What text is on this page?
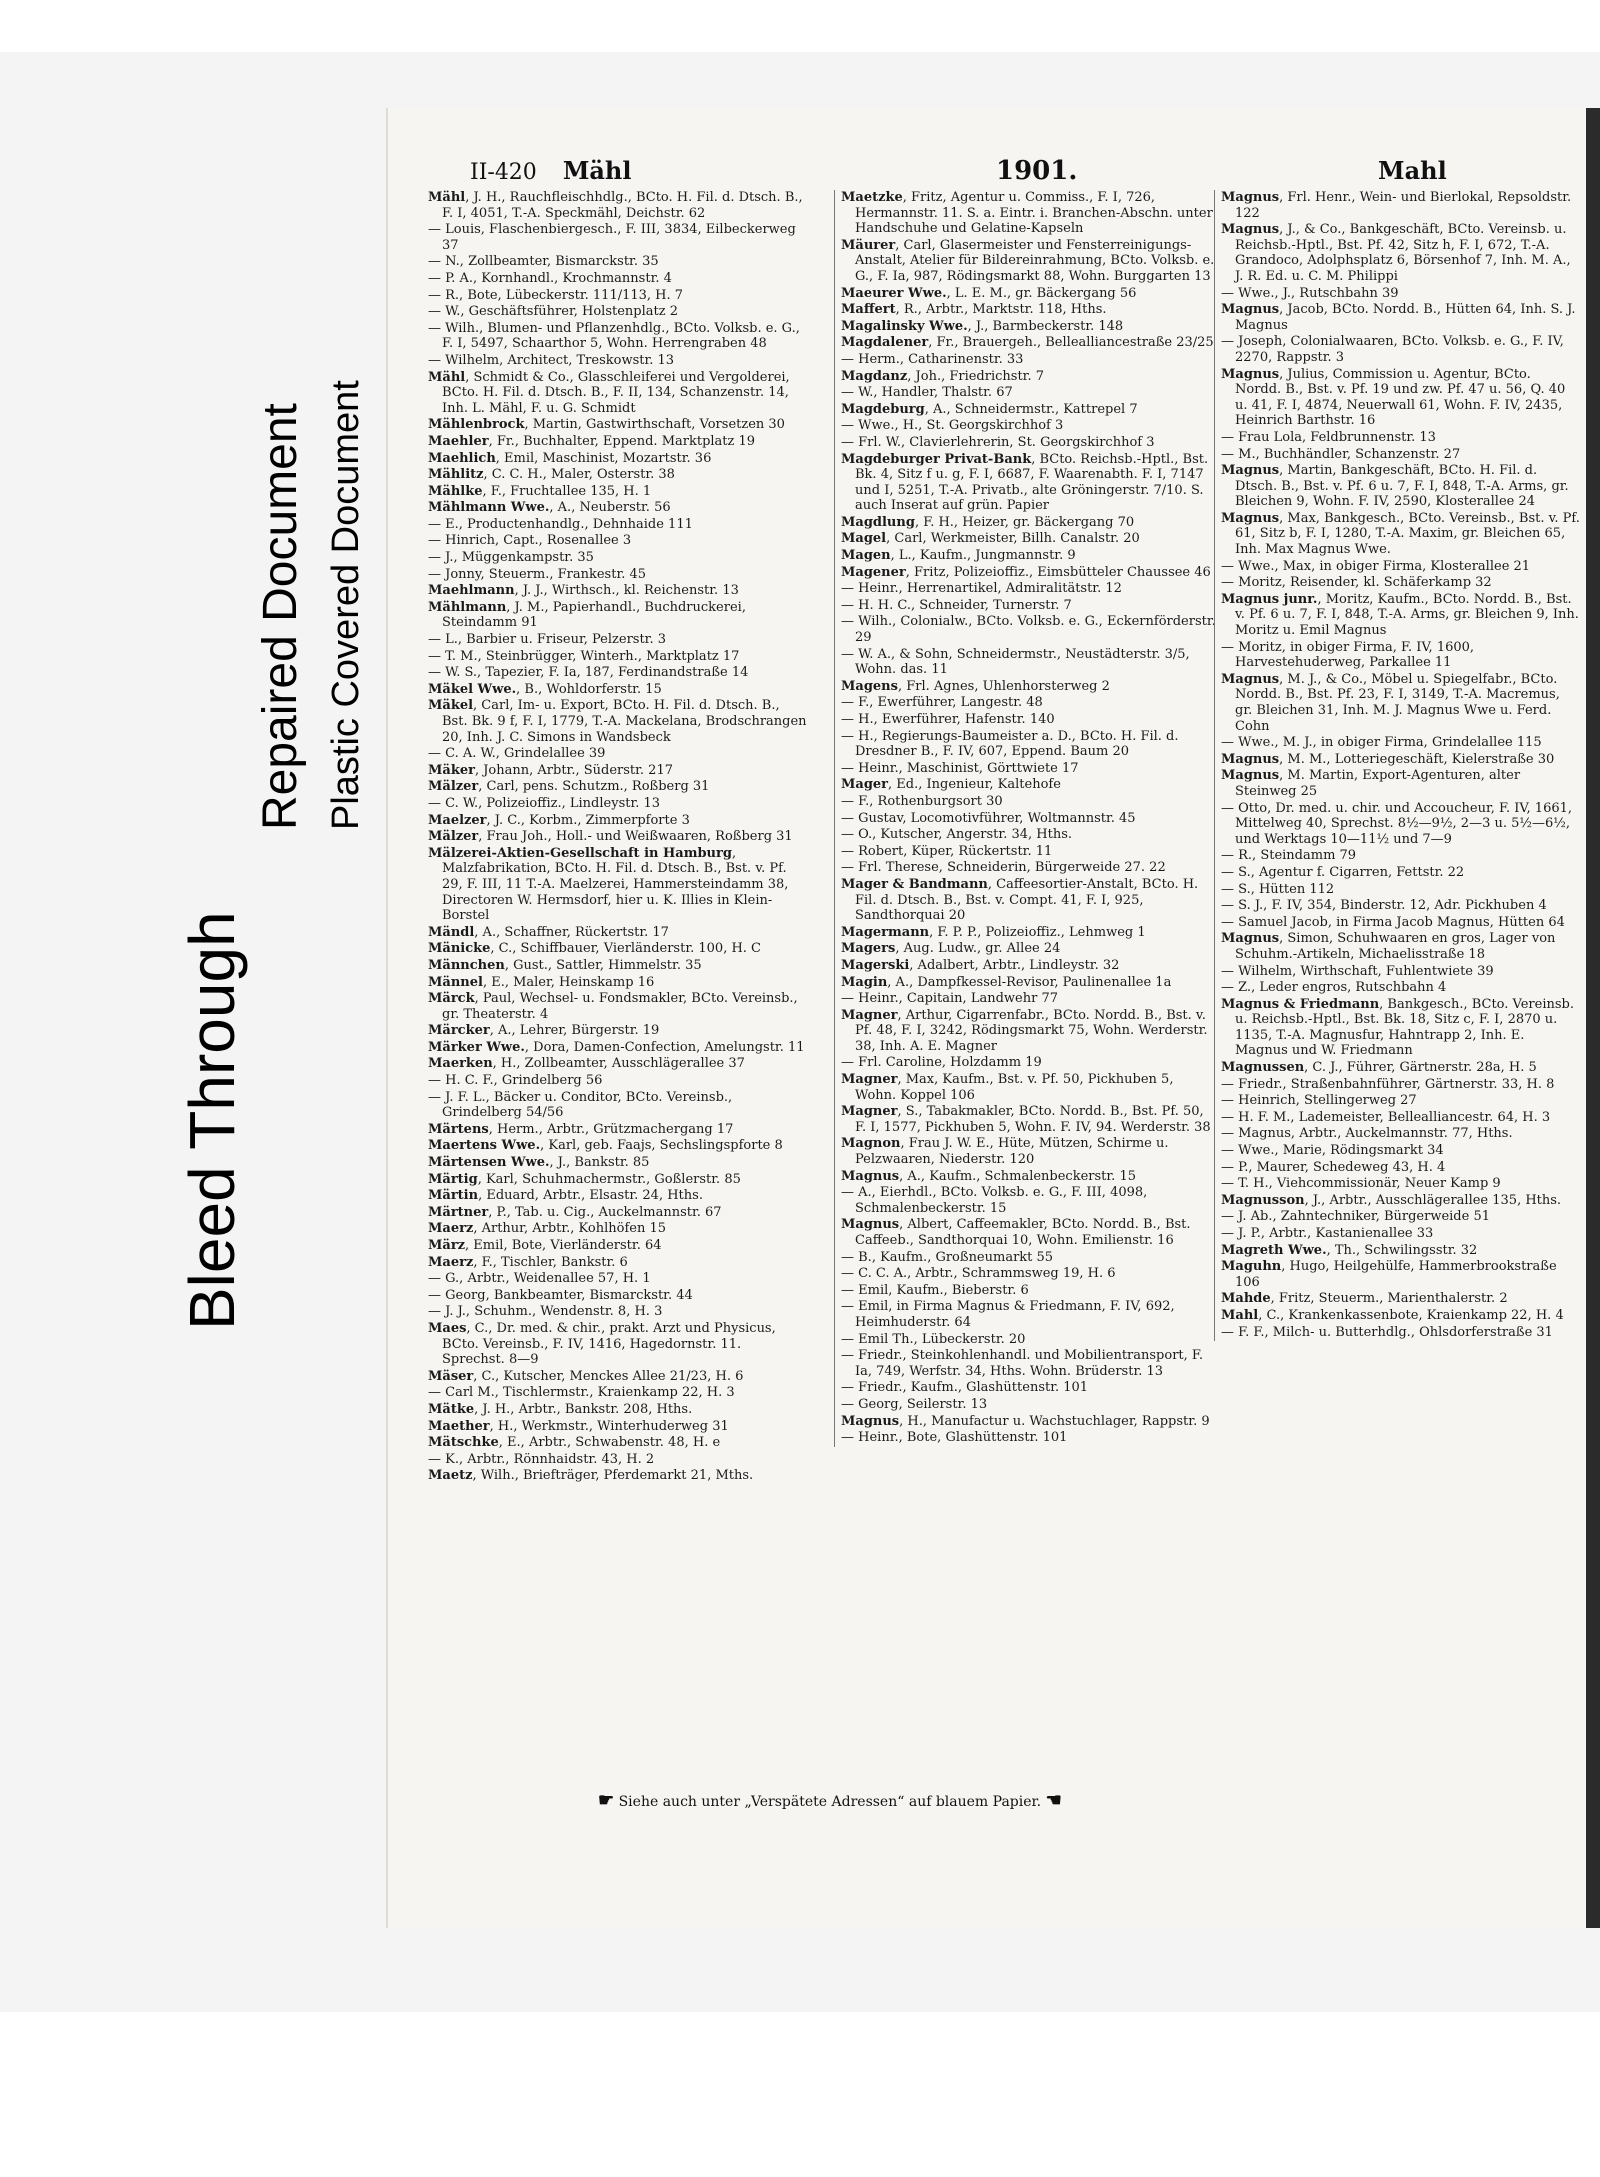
Bleed Through
Repaired Document Plastic Covered Document
II-420 Mähl	1901.	Mahl
Mähl, J. H., Rauchfleischhdlg., BCto. H. Fil. d. Dtsch. B., F. I, 4051, T.-A. Speckmähl, Deichstr. 62
— Louis, Flaschenbiergesch., F. III, 3834, Eilbeckerweg 37
— N., Zollbeamter, Bismarckstr. 35
— P. A., Kornhandl., Krochmannstr. 4
— R., Bote, Lübeckerstr. 111/113, H. 7
— W., Geschäftsführer, Holstenplatz 2
— Wilh., Blumen- und Pflanzenhdlg., BCto. Volksb. e. G., F. I, 5497, Schaarthor 5, Wohn. Herrengraben 48
— Wilhelm, Architect, Treskowstr. 13
Mähl, Schmidt & Co., Glasschleiferei und Vergolderei, BCto. H. Fil. d. Dtsch. B., F. II, 134, Schanzenstr. 14, Inh. L. Mähl, F. u. G. Schmidt
Mählenbrock, Martin, Gastwirthschaft, Vorsetzen 30
Maehler, Fr., Buchhalter, Eppend. Marktplatz 19
Maehlich, Emil, Maschinist, Mozartstr. 36
Mählitz, C. C. H., Maler, Osterstr. 38
Mählke, F., Fruchtallee 135, H. 1
Mählmann Wwe., A., Neuberstr. 56
— E., Productenhandlg., Dehnhaide 111
— Hinrich, Capt., Rosenallee 3
— J., Müggenkampstr. 35
— Jonny, Steuerm., Frankestr. 45
Maehlmann, J. J., Wirthsch., kl. Reichenstr. 13
Mählmann, J. M., Papierhandl., Buchdruckerei, Steindamm 91
— L., Barbier u. Friseur, Pelzerstr. 3
— T. M., Steinbrügger, Winterh., Marktplatz 17
— W. S., Tapezier, F. Ia, 187, Ferdinandstraße 14
Mäkel Wwe., B., Wohldorferstr. 15
Mäkel, Carl, Im- u. Export, BCto. H. Fil. d. Dtsch. B., Bst. Bk. 9 f, F. I, 1779, T.-A. Mackelana, Brodschrangen 20, Inh. J. C. Simons in Wandsbeck
— C. A. W., Grindelallee 39
Mäker, Johann, Arbtr., Süderstr. 217
Mälzer, Carl, pens. Schutzm., Roßberg 31
— C. W., Polizeioffiz., Lindleystr. 13
Maelzer, J. C., Korbm., Zimmerpforte 3
Mälzer, Frau Joh., Holl.- und Weißwaaren, Roßberg 31
Mälzerei-Aktien-Gesellschaft in Hamburg, Malzfabrikation, BCto. H. Fil. d. Dtsch. B., Bst. v. Pf. 29, F. III, 11 T.-A. Maelzerei, Hammersteindamm 38, Directoren W. Hermsdorf, hier u. K. Illies in Klein-Borstel
Mändl, A., Schaffner, Rückertstr. 17
Mänicke, C., Schiffbauer, Vierländerstr. 100, H. C
Männchen, Gust., Sattler, Himmelstr. 35
Männel, E., Maler, Heinskamp 16
Märck, Paul, Wechsel- u. Fondsmakler, BCto. Vereinsb., gr. Theaterstr. 4
Märcker, A., Lehrer, Bürgerstr. 19
Märker Wwe., Dora, Damen-Confection, Amelungstr. 11
Maerken, H., Zollbeamter, Ausschlägerallee 37
— H. C. F., Grindelberg 56
— J. F. L., Bäcker u. Conditor, BCto. Vereinsb., Grindelberg 54/56
Märtens, Herm., Arbtr., Grützmachergang 17
Maertens Wwe., Karl, geb. Faajs, Sechslingspforte 8
Märtensen Wwe., J., Bankstr. 85
Märtig, Karl, Schuhmachermstr., Goßlerstr. 85
Märtin, Eduard, Arbtr., Elsastr. 24, Hths.
Märtner, P., Tab. u. Cig., Auckelmannstr. 67
Maerz, Arthur, Arbtr., Kohlhöfen 15
März, Emil, Bote, Vierländerstr. 64
Maerz, F., Tischler, Bankstr. 6
— G., Arbtr., Weidenallee 57, H. 1
— Georg, Bankbeamter, Bismarckstr. 44
— J. J., Schuhm., Wendenstr. 8, H. 3
Maes, C., Dr. med. & chir., prakt. Arzt und Physicus, BCto. Vereinsb., F. IV, 1416, Hagedornstr. 11. Sprechst. 8—9
Mäser, C., Kutscher, Menckes Allee 21/23, H. 6
— Carl M., Tischlermstr., Kraienkamp 22, H. 3
Mätke, J. H., Arbtr., Bankstr. 208, Hths.
Maether, H., Werkmstr., Winterhuderweg 31
Mätschke, E., Arbtr., Schwabenstr. 48, H. e
— K., Arbtr., Rönnhaidstr. 43, H. 2
Maetz, Wilh., Briefträger, Pferdemarkt 21, Mths.
Maetzke, Fritz, Agentur u. Commiss., F. I, 726, Hermannstr. 11. S. a. Eintr. i. Branchen-Abschn. unter Handschuhe und Gelatine-Kapseln
Mäurer, Carl, Glasermeister und Fensterreinigungs-Anstalt, Atelier für Bildereinrahmung, BCto. Volksb. e. G., F. Ia, 987, Rödingsmarkt 88, Wohn. Burggarten 13
Maeurer Wwe., L. E. M., gr. Bäckergang 56
Maffert, R., Arbtr., Marktstr. 118, Hths.
Magalinsky Wwe., J., Barmbeckerstr. 148
Magdalener, Fr., Brauergeh., Bellealliancestraße 23/25
— Herm., Catharinenstr. 33
Magdanz, Joh., Friedrichstr. 7
— W., Handler, Thalstr. 67
Magdeburg, A., Schneidermstr., Kattrepel 7
— Wwe., H., St. Georgskirchhof 3
— Frl. W., Clavierlehrerin, St. Georgskirchhof 3
Magdeburger Privat-Bank, BCto. Reichsb.-Hptl., Bst. Bk. 4, Sitz f u. g, F. I, 6687, F. Waarenabth. F. I, 7147 und I, 5251, T.-A. Privatb., alte Gröningerstr. 7/10. S. auch Inserat auf grün. Papier
Magdlung, F. H., Heizer, gr. Bäckergang 70
Magel, Carl, Werkmeister, Billh. Canalstr. 20
Magen, L., Kaufm., Jungmannstr. 9
Magener, Fritz, Polizeioffiz., Eimsbütteler Chaussee 46
— Heinr., Herrenartikel, Admiralitätstr. 12
— H. H. C., Schneider, Turnerstr. 7
— Wilh., Colonialw., BCto. Volksb. e. G., Eckernförderstr. 29
— W. A., & Sohn, Schneidermstr., Neustädterstr. 3/5, Wohn. das. 11
Magens, Frl. Agnes, Uhlenhorsterweg 2
— F., Ewerführer, Langestr. 48
— H., Ewerführer, Hafenstr. 140
— H., Regierungs-Baumeister a. D., BCto. H. Fil. d. Dresdner B., F. IV, 607, Eppend. Baum 20
— Heinr., Maschinist, Görttwiete 17
Mager, Ed., Ingenieur, Kaltehofe
— F., Rothenburgsort 30
— Gustav, Locomotivführer, Woltmannstr. 45
— O., Kutscher, Angerstr. 34, Hths.
— Robert, Küper, Rückertstr. 11
— Frl. Therese, Schneiderin, Bürgerweide 27. 22
Mager & Bandmann, Caffeesortier-Anstalt, BCto. H. Fil. d. Dtsch. B., Bst. v. Compt. 41, F. I, 925, Sandthorquai 20
Magermann, F. P. P., Polizeioffiz., Lehmweg 1
Magers, Aug. Ludw., gr. Allee 24
Magerski, Adalbert, Arbtr., Lindleystr. 32
Magin, A., Dampfkessel-Revisor, Paulinenallee 1a
— Heinr., Capitain, Landwehr 77
Magner, Arthur, Cigarrenfabr., BCto. Nordd. B., Bst. v. Pf. 48, F. I, 3242, Rödingsmarkt 75, Wohn. Werderstr. 38, Inh. A. E. Magner
— Frl. Caroline, Holzdamm 19
Magner, Max, Kaufm., Bst. v. Pf. 50, Pickhuben 5, Wohn. Koppel 106
Magner, S., Tabakmakler, BCto. Nordd. B., Bst. Pf. 50, F. I, 1577, Pickhuben 5, Wohn. F. IV, 94. Werderstr. 38
Magnon, Frau J. W. E., Hüte, Mützen, Schirme u. Pelzwaaren, Niederstr. 120
Magnus, A., Kaufm., Schmalenbeckerstr. 15
— A., Eierhdl., BCto. Volksb. e. G., F. III, 4098, Schmalenbeckerstr. 15
Magnus, Albert, Caffeemakler, BCto. Nordd. B., Bst. Caffeeb., Sandthorquai 10, Wohn. Emilienstr. 16
— B., Kaufm., Großneumarkt 55
— C. C. A., Arbtr., Schrammsweg 19, H. 6
— Emil, Kaufm., Bieberstr. 6
— Emil, in Firma Magnus & Friedmann, F. IV, 692, Heimhuderstr. 64
— Emil Th., Lübeckerstr. 20
— Friedr., Steinkohlenhandl. und Mobilientransport, F. Ia, 749, Werfstr. 34, Hths. Wohn. Brüderstr. 13
— Friedr., Kaufm., Glashüttenstr. 101
— Georg, Seilerstr. 13
Magnus, H., Manufactur u. Wachstuchlager, Rappstr. 9
— Heinr., Bote, Glashüttenstr. 101
Magnus, Frl. Henr., Wein- und Bierlokal, Repsoldstr. 122
Magnus, J., & Co., Bankgeschäft, BCto. Vereinsb. u. Reichsb.-Hptl., Bst. Pf. 42, Sitz h, F. I, 672, T.-A. Grandoco, Adolphsplatz 6, Börsenhof 7, Inh. M. A., J. R. Ed. u. C. M. Philippi
— Wwe., J., Rutschbahn 39
Magnus, Jacob, BCto. Nordd. B., Hütten 64, Inh. S. J. Magnus
— Joseph, Colonialwaaren, BCto. Volksb. e. G., F. IV, 2270, Rappstr. 3
Magnus, Julius, Commission u. Agentur, BCto. Nordd. B., Bst. v. Pf. 19 und zw. Pf. 47 u. 56, Q. 40 u. 41, F. I, 4874, Neuerwall 61, Wohn. F. IV, 2435, Heinrich Barthstr. 16
— Frau Lola, Feldbrunnenstr. 13
— M., Buchhändler, Schanzenstr. 27
Magnus, Martin, Bankgeschäft, BCto. H. Fil. d. Dtsch. B., Bst. v. Pf. 6 u. 7, F. I, 848, T.-A. Arms, gr. Bleichen 9, Wohn. F. IV, 2590, Klosterallee 24
Magnus, Max, Bankgesch., BCto. Vereinsb., Bst. v. Pf. 61, Sitz b, F. I, 1280, T.-A. Maxim, gr. Bleichen 65, Inh. Max Magnus Wwe.
— Wwe., Max, in obiger Firma, Klosterallee 21
— Moritz, Reisender, kl. Schäferkamp 32
Magnus junr., Moritz, Kaufm., BCto. Nordd. B., Bst. v. Pf. 6 u. 7, F. I, 848, T.-A. Arms, gr. Bleichen 9, Inh. Moritz u. Emil Magnus
— Moritz, in obiger Firma, F. IV, 1600, Harvestehuderweg, Parkallee 11
Magnus, M. J., & Co., Möbel u. Spiegelfabr., BCto. Nordd. B., Bst. Pf. 23, F. I, 3149, T.-A. Macremus, gr. Bleichen 31, Inh. M. J. Magnus Wwe u. Ferd. Cohn
— Wwe., M. J., in obiger Firma, Grindelallee 115
Magnus, M. M., Lotteriegeschäft, Kielerstraße 30
Magnus, M. Martin, Export-Agenturen, alter Steinweg 25
— Otto, Dr. med. u. chir. und Accoucheur, F. IV, 1661, Mittelweg 40, Sprechst. 8½—9½, 2—3 u. 5½—6½, und Werktags 10—11½ und 7—9
— R., Steindamm 79
— S., Agentur f. Cigarren, Fettstr. 22
— S., Hütten 112
— S. J., F. IV, 354, Binderstr. 12, Adr. Pickhuben 4
— Samuel Jacob, in Firma Jacob Magnus, Hütten 64
Magnus, Simon, Schuhwaaren en gros, Lager von Schuhm.-Artikeln, Michaelisstraße 18
— Wilhelm, Wirthschaft, Fuhlentwiete 39
— Z., Leder engros, Rutschbahn 4
Magnus & Friedmann, Bankgesch., BCto. Vereinsb. u. Reichsb.-Hptl., Bst. Bk. 18, Sitz c, F. I, 2870 u. 1135, T.-A. Magnusfur, Hahntrapp 2, Inh. E. Magnus und W. Friedmann
Magnussen, C. J., Führer, Gärtnerstr. 28a, H. 5
— Friedr., Straßenbahnführer, Gärtnerstr. 33, H. 8
— Heinrich, Stellingerweg 27
— H. F. M., Lademeister, Bellealliancestr. 64, H. 3
— Magnus, Arbtr., Auckelmannstr. 77, Hths.
— Wwe., Marie, Rödingsmarkt 34
— P., Maurer, Schedeweg 43, H. 4
— T. H., Viehcommissionär, Neuer Kamp 9
Magnusson, J., Arbtr., Ausschlägerallee 135, Hths.
— J. Ab., Zahntechniker, Bürgerweide 51
— J. P., Arbtr., Kastanienallee 33
Magreth Wwe., Th., Schwilingsstr. 32
Maguhn, Hugo, Heilgehülfe, Hammerbrookstraße 106
Mahde, Fritz, Steuerm., Marienthalerstr. 2
Mahl, C., Krankenkassenbote, Kraienkamp 22, H. 4
— F. F., Milch- u. Butterhdlg., Ohlsdorferstraße 31
☛ Siehe auch unter „Verspätete Adressen“ auf blauem Papier. ☚
